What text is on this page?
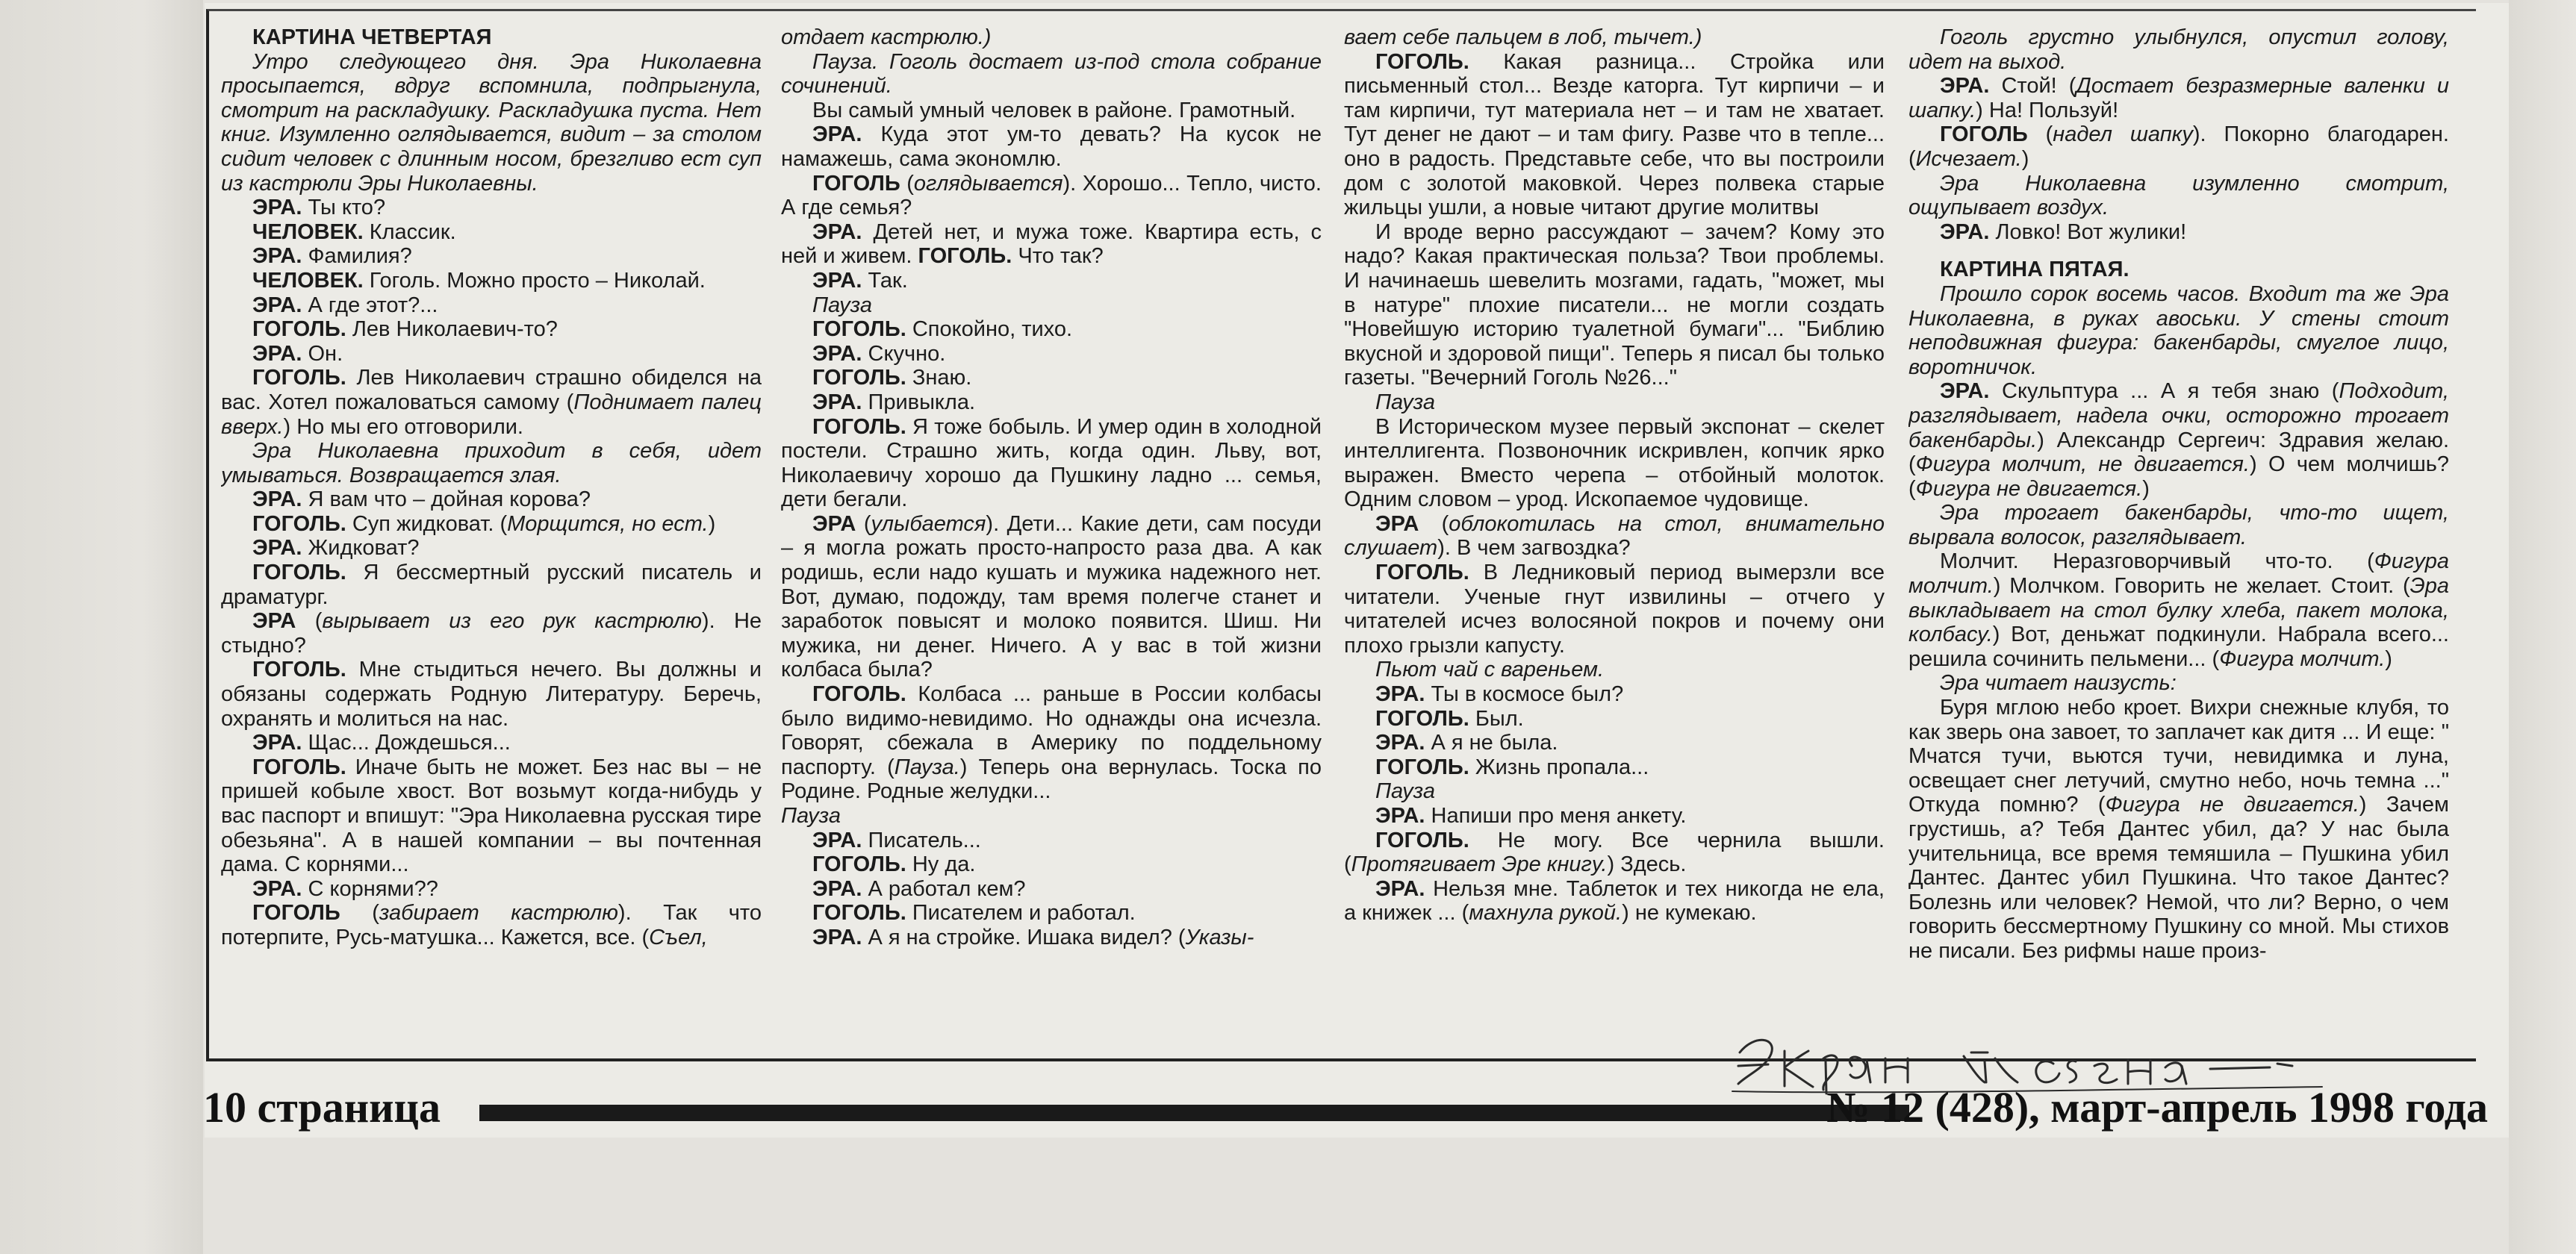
КАРТИНА ЧЕТВЕРТАЯ

Утро следующего дня. Эра Николаевна просыпается, вдруг вспомнила, подпрыгнула, смотрит на раскладушку. Раскладушка пуста. Нет книг. Изумленно оглядывается, видит – за столом сидит человек с длинным носом, брезгливо ест суп из кастрюли Эры Николаевны.

ЭРА. Ты кто?

ЧЕЛОВЕК. Классик.

ЭРА. Фамилия?

ЧЕЛОВЕК. Гоголь. Можно просто – Николай.

ЭРА. А где этот?...

ГОГОЛЬ. Лев Николаевич-то?

ЭРА. Он.

ГОГОЛЬ. Лев Николаевич страшно обиделся на вас. Хотел пожаловаться самому (Поднимает палец вверх.) Но мы его отговорили.

Эра Николаевна приходит в себя, идет умываться. Возвращается злая.

ЭРА. Я вам что – дойная корова?

ГОГОЛЬ. Суп жидковат. (Морщится, но ест.)

ЭРА. Жидковат?

ГОГОЛЬ. Я бессмертный русский писатель и драматург.

ЭРА (вырывает из его рук кастрюлю). Не стыдно?

ГОГОЛЬ. Мне стыдиться нечего. Вы должны и обязаны содержать Родную Литературу. Беречь, охранять и молиться на нас.

ЭРА. Щас... Дождешься...

ГОГОЛЬ. Иначе быть не может. Без нас вы – не пришей кобыле хвост. Вот возьмут когда-нибудь у вас паспорт и впишут: "Эра Николаевна русская тире обезьяна". А в нашей компании – вы почтенная дама. С корнями...

ЭРА. С корнями??

ГОГОЛЬ (забирает кастрюлю). Так что потерпите, Русь-матушка... Кажется, все. (Съел,

отдает кастрюлю.)

Пауза. Гоголь достает из-под стола собрание сочинений.

Вы самый умный человек в районе. Грамотный.

ЭРА. Куда этот ум-то девать? На кусок не намажешь, сама экономлю.

ГОГОЛЬ (оглядывается). Хорошо... Тепло, чисто. А где семья?

ЭРА. Детей нет, и мужа тоже. Квартира есть, с ней и живем. ГОГОЛЬ. Что так?

ЭРА. Так.

Пауза

ГОГОЛЬ. Спокойно, тихо.

ЭРА. Скучно.

ГОГОЛЬ. Знаю.

ЭРА. Привыкла.

ГОГОЛЬ. Я тоже бобыль. И умер один в холодной постели. Страшно жить, когда один. Льву, вот, Николаевичу хорошо да Пушкину ладно ... семья, дети бегали.

ЭРА (улыбается). Дети... Какие дети, сам посуди – я могла рожать просто-напросто раза два. А как родишь, если надо кушать и мужика надежного нет. Вот, думаю, подожду, там время полегче станет и заработок повысят и молоко появится. Шиш. Ни мужика, ни денег. Ничего. А у вас в той жизни колбаса была?

ГОГОЛЬ. Колбаса ... раньше в России колбасы было видимо-невидимо. Но однажды она исчезла. Говорят, сбежала в Америку по поддельному паспорту. (Пауза.) Теперь она вернулась. Тоска по Родине. Родные желудки...

Пауза

ЭРА. Писатель...

ГОГОЛЬ. Ну да.

ЭРА. А работал кем?

ГОГОЛЬ. Писателем и работал.

ЭРА. А я на стройке. Ишака видел? (Указы-

вает себе пальцем в лоб, тычет.)

ГОГОЛЬ. Какая разница... Стройка или письменный стол... Везде каторга. Тут кирпичи – и там кирпичи, тут материала нет – и там не хватает. Тут денег не дают – и там фигу. Разве что в тепле... оно в радость. Представьте себе, что вы построили дом с золотой маковкой. Через полвека старые жильцы ушли, а новые читают другие молитвы

И вроде верно рассуждают – зачем? Кому это надо? Какая практическая польза? Твои проблемы. И начинаешь шевелить мозгами, гадать, "может, мы в натуре" плохие писатели... не могли создать "Новейшую историю туалетной бумаги"... "Библию вкусной и здоровой пищи". Теперь я писал бы только газеты. "Вечерний Гоголь №26..."

Пауза

В Историческом музее первый экспонат – скелет интеллигента. Позвоночник искривлен, копчик ярко выражен. Вместо черепа – отбойный молоток. Одним словом – урод. Ископаемое чудовище.

ЭРА (облокотилась на стол, внимательно слушает). В чем загвоздка?

ГОГОЛЬ. В Ледниковый период вымерзли все читатели. Ученые гнут извилины – отчего у читателей исчез волосяной покров и почему они плохо грызли капусту.

Пьют чай с вареньем.

ЭРА. Ты в космосе был?

ГОГОЛЬ. Был.

ЭРА. А я не была.

ГОГОЛЬ. Жизнь пропала...

Пауза

ЭРА. Напиши про меня анкету.

ГОГОЛЬ. Не могу. Все чернила вышли. (Протягивает Эре книгу.) Здесь.

ЭРА. Нельзя мне. Таблеток и тех никогда не ела, а книжек ... (махнула рукой.) не кумекаю.

Гоголь грустно улыбнулся, опустил голову, идет на выход.

ЭРА. Стой! (Достает безразмерные валенки и шапку.) На! Пользуй!

ГОГОЛЬ (надел шапку). Покорно благодарен. (Исчезает.)

Эра Николаевна изумленно смотрит, ощупывает воздух.

ЭРА. Ловко! Вот жулики!

КАРТИНА ПЯТАЯ.

Прошло сорок восемь часов. Входит та же Эра Николаевна, в руках авоськи. У стены стоит неподвижная фигура: бакенбарды, смуглое лицо, воротничок.

ЭРА. Скульптура ... А я тебя знаю (Подходит, разглядывает, надела очки, осторожно трогает бакенбарды.) Александр Сергеич: Здравия желаю. (Фигура молчит, не двигается.) О чем молчишь? (Фигура не двигается.)

Эра трогает бакенбарды, что-то ищет, вырвала волосок, разглядывает.

Молчит. Неразговорчивый что-то. (Фигура молчит.) Молчком. Говорить не желает. Стоит. (Эра выкладывает на стол булку хлеба, пакет молока, колбасу.) Вот, деньжат подкинули. Набрала всего... решила сочинить пельмени... (Фигура молчит.)

Эра читает наизусть:

Буря мглою небо кроет. Вихри снежные клубя, то как зверь она завоет, то заплачет как дитя ... И еще: " Мчатся тучи, вьются тучи, невидимка и луна, освещает снег летучий, смутно небо, ночь темна ..." Откуда помню? (Фигура не двигается.) Зачем грустишь, а? Тебя Дантес убил, да? У нас была учительница, все время темяшила – Пушкина убил Дантес. Дантес убил Пушкина. Что такое Дантес? Болезнь или человек? Немой, что ли? Верно, о чем говорить бессмертному Пушкину со мной. Мы стихов не писали. Без рифмы наше произ-

10 страница	№ 12 (428), март-апрель 1998 года
